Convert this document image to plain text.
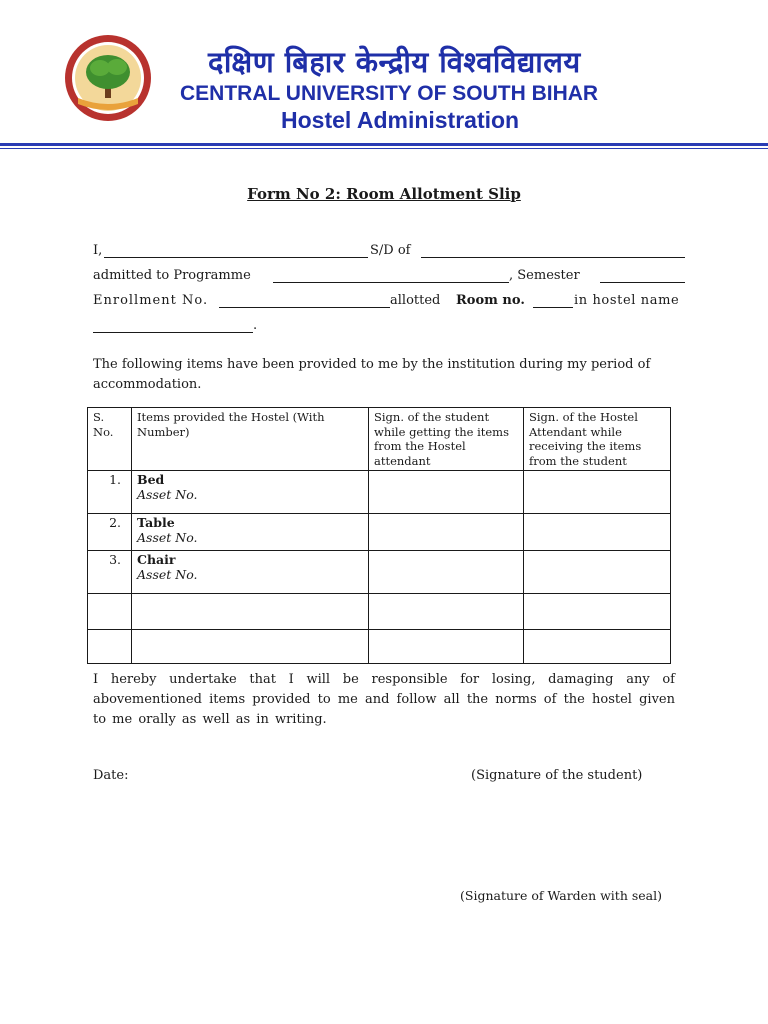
दक्षिण बिहार केन्द्रीय विश्वविद्यालय
CENTRAL UNIVERSITY OF SOUTH BIHAR
Hostel Administration
Form No 2: Room Allotment Slip
I,	S/D of
admitted to Programme	, Semester
Enrollment No.	allotted Room no.	in hostel name
.
The following items have been provided to me by the institution during my period of accommodation.
S. No.	Items provided the Hostel (With Number)	Sign. of the student while getting the items from the Hostel attendant	Sign. of the Hostel Attendant while receiving the items from the student
1.	Bed
Asset No.		

2.	Table
Asset No.		

3.	Chair
Asset No.		

I hereby undertake that I will be responsible for losing, damaging any of abovementioned items provided to me and follow all the norms of the hostel given to me orally as well as in writing.
Date:	(Signature of the student)
(Signature of Warden with seal)
